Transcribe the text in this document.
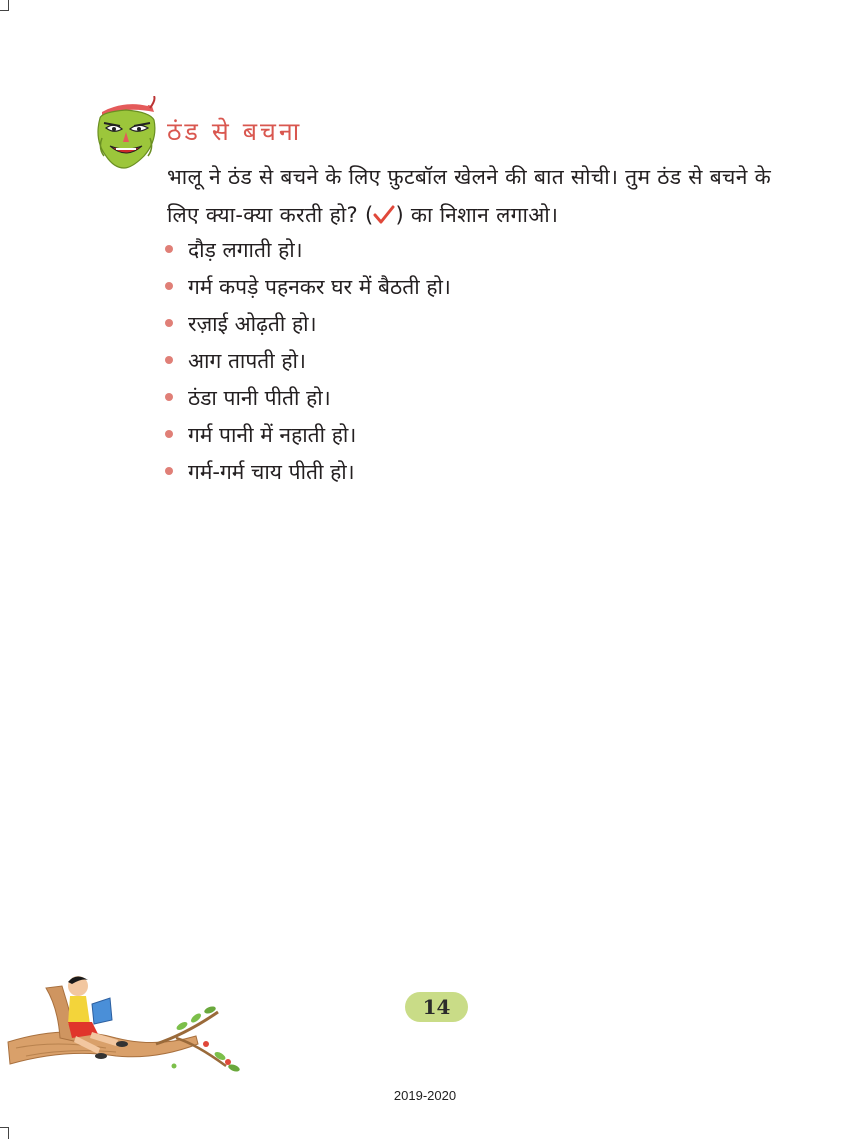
ठंड से बचना

भालू ने ठंड से बचने के लिए फ़ुटबॉल खेलने की बात सोची। तुम ठंड से बचने के लिए क्या-क्या करती हो? ( ) का निशान लगाओ।

दौड़ लगाती हो।
गर्म कपड़े पहनकर घर में बैठती हो।
रज़ाई ओढ़ती हो।
आग तापती हो।
ठंडा पानी पीती हो।
गर्म पानी में नहाती हो।
गर्म-गर्म चाय पीती हो।
14
2019-2020
